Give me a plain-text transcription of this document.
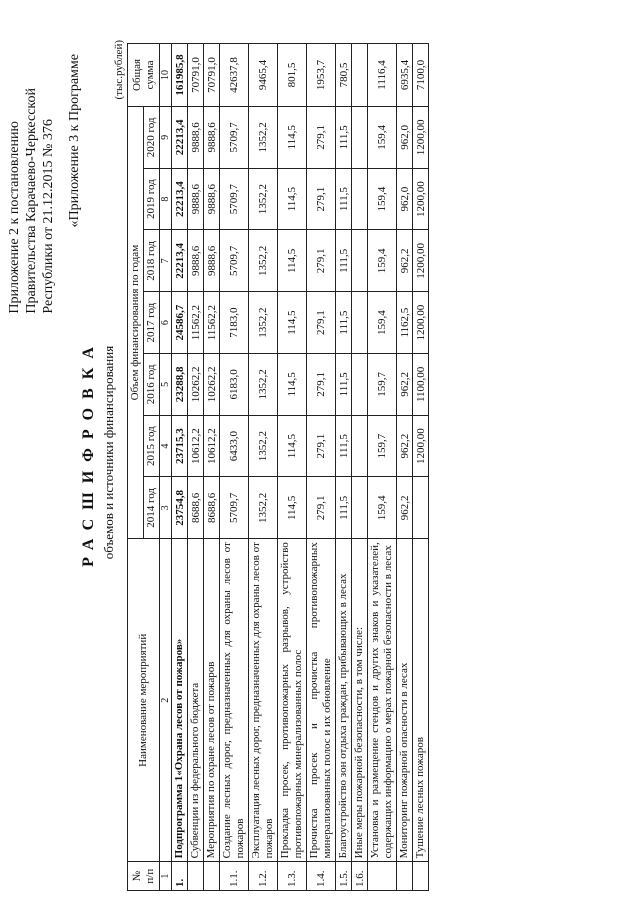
Приложение 2 к постановлению Правительства Карачаево-Черкесской Республики от 21.12.2015 № 376 «Приложение 3 к Программе
РАСШИФРОВКА объемов и источники финансирования
(тыс.рублей)
№ п/п	Наименование мероприятий	Объем финансирования по годам							Общая сумма
		2014 год	2015 год	2016 год	2017 год	2018 год	2019 год	2020 год	
1	2	3	4	5	6	7	8	9	10
1.	Подпрограмма 1«Охрана лесов от пожаров»	23754,8	23715,3	23288,8	24586,7	22213,4	22213,4	22213,4	161985,8
	Субвенции из федерального бюджета	8688,6	10612,2	10262,2	11562,2	9888,6	9888,6	9888,6	70791,0
	Мероприятия по охране лесов от пожаров	8688,6	10612,2	10262,2	11562,2	9888,6	9888,6	9888,6	70791,0
1.1.	Создание лесных дорог, предназначенных для охраны лесов от пожаров	5709,7	6433,0	6183,0	7183,0	5709,7	5709,7	5709,7	42637,8
1.2.	Эксплуатация лесных дорог, предназначенных для охраны лесов от пожаров	1352,2	1352,2	1352,2	1352,2	1352,2	1352,2	1352,2	9465,4
1.3.	Прокладка просек, противопожарных разрывов, устройство противопожарных минерализованных полос	114,5	114,5	114,5	114,5	114,5	114,5	114,5	801,5
1.4.	Прочистка просек и прочистка противопожарных минерализованных полос и их обновление	279,1	279,1	279,1	279,1	279,1	279,1	279,1	1953,7
1.5.	Благоустройство зон отдыха граждан, прибывающих в лесах	111,5	111,5	111,5	111,5	111,5	111,5	111,5	780,5
1.6.	Иные меры пожарной безопасности, в том числе:								
	Установка и размещение стендов и других знаков и указателей, содержащих информацию о мерах пожарной безопасности в лесах	159,4	159,7	159,7	159,4	159,4	159,4	159,4	1116,4
	Мониторинг пожарной опасности в лесах	962,2	962,2	962,2	1162,5	962,2	962,0	962,0	6935,4
	Тушение лесных пожаров		1200,00	1100,00	1200,00	1200,00	1200,00	1200,00	7100,0
